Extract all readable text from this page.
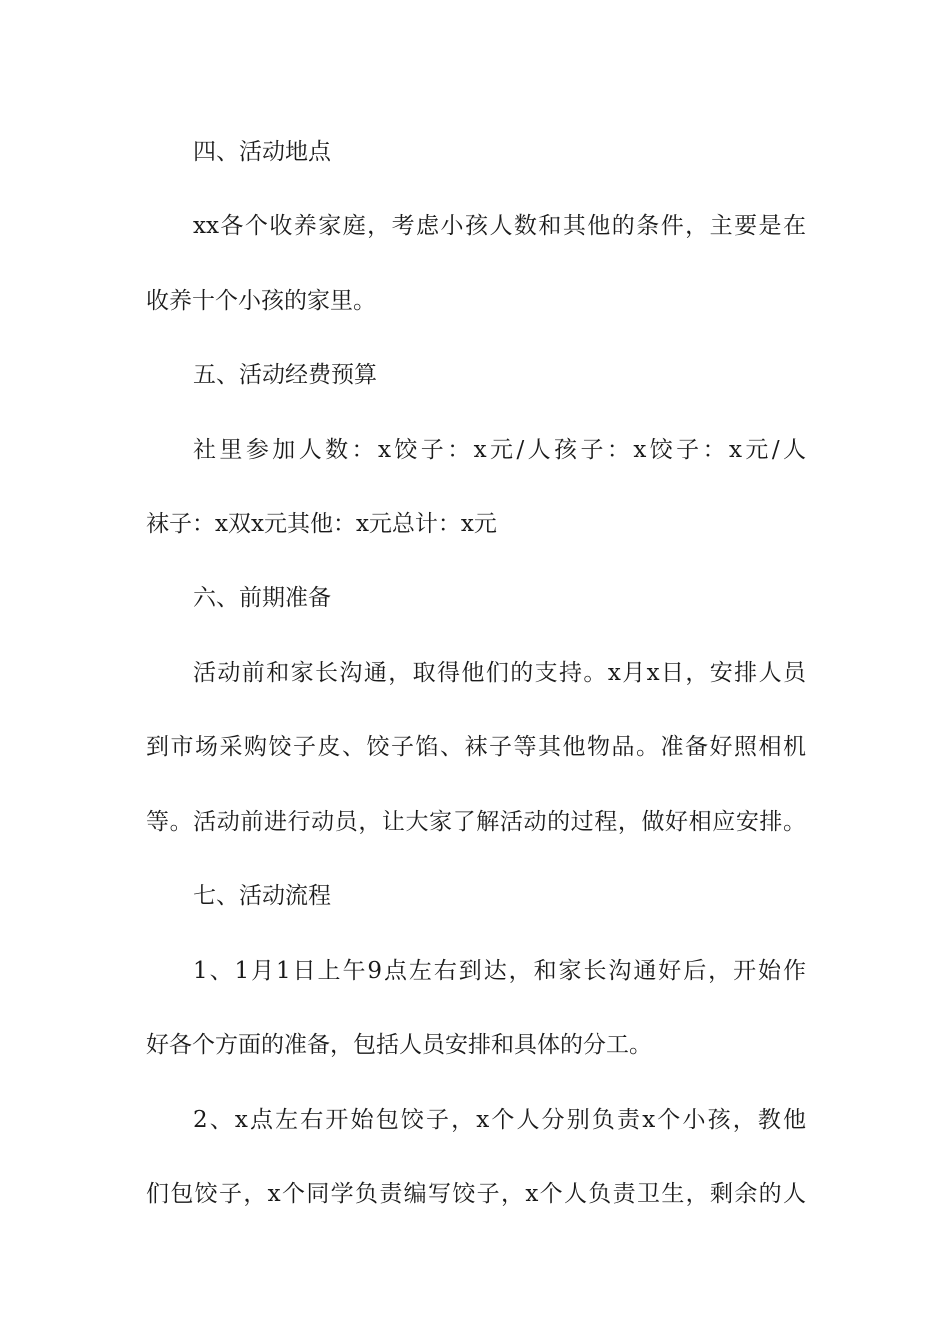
四、活动地点
xx各个收养家庭，考虑小孩人数和其他的条件，主要是在
收养十个小孩的家里。
五、活动经费预算
社里参加人数：x饺子：x元/人孩子：x饺子：x元/人
袜子：x双x元其他：x元总计：x元
六、前期准备
活动前和家长沟通，取得他们的支持。x月x日，安排人员
到市场采购饺子皮、饺子馅、袜子等其他物品。准备好照相机
等。活动前进行动员，让大家了解活动的过程，做好相应安排。
七、活动流程
1、1月1日上午9点左右到达，和家长沟通好后，开始作
好各个方面的准备，包括人员安排和具体的分工。
2、x点左右开始包饺子，x个人分别负责x个小孩，教他
们包饺子，x个同学负责编写饺子，x个人负责卫生，剩余的人
